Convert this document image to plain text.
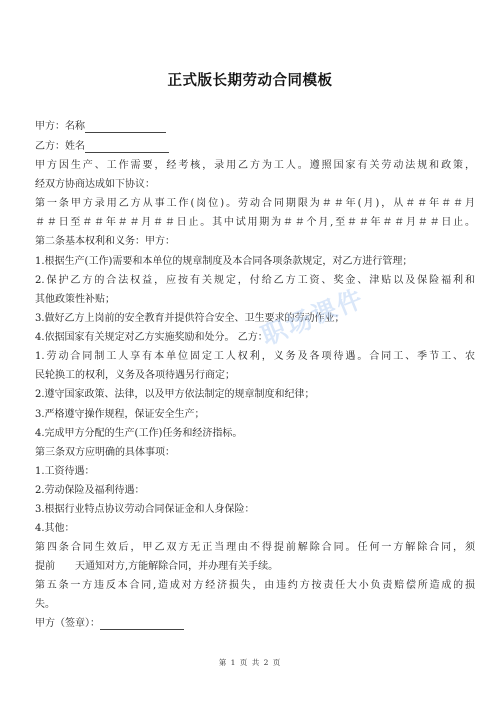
正式版长期劳动合同模板
甲方：名称
乙方：姓名
甲方因生产、工作需要，经考核，录用乙方为工人。遵照国家有关劳动法规和政策，
经双方协商达成如下协议：
第一条甲方录用乙方从事工作(岗位)。劳动合同期限为＃＃年(月)，从＃＃年＃＃月
＃＃日至＃＃年＃＃月＃＃日止。其中试用期为＃＃个月,至＃＃年＃＃月＃＃日止。
第二条基本权利和义务：甲方：
1.根据生产(工作)需要和本单位的规章制度及本合同各项条款规定，对乙方进行管理；
2.保护乙方的合法权益，应按有关规定，付给乙方工资、奖金、津贴以及保险福利和
其他政策性补贴；
3.做好乙方上岗前的安全教育并提供符合安全、卫生要求的劳动作业；
4.依据国家有关规定对乙方实施奖励和处分。 乙方：
1.劳动合同制工人享有本单位固定工人权利，义务及各项待遇。合同工、季节工、农
民轮换工的权利，义务及各项待遇另行商定；
2.遵守国家政策、法律，以及甲方依法制定的规章制度和纪律；
3.严格遵守操作规程，保证安全生产；
4.完成甲方分配的生产(工作)任务和经济指标。
第三条双方应明确的具体事项：
1.工资待遇：
2.劳动保险及福利待遇：
3.根据行业特点协议劳动合同保证金和人身保险：
4.其他：
第四条合同生效后，甲乙双方无正当理由不得提前解除合同。任何一方解除合同，须
提前 天通知对方,方能解除合同，并办理有关手续。
第五条一方违反本合同,造成对方经济损失，由违约方按责任大小负责赔偿所造成的损
失。
甲方（签章）：
职场课件
第 1 页 共 2 页
